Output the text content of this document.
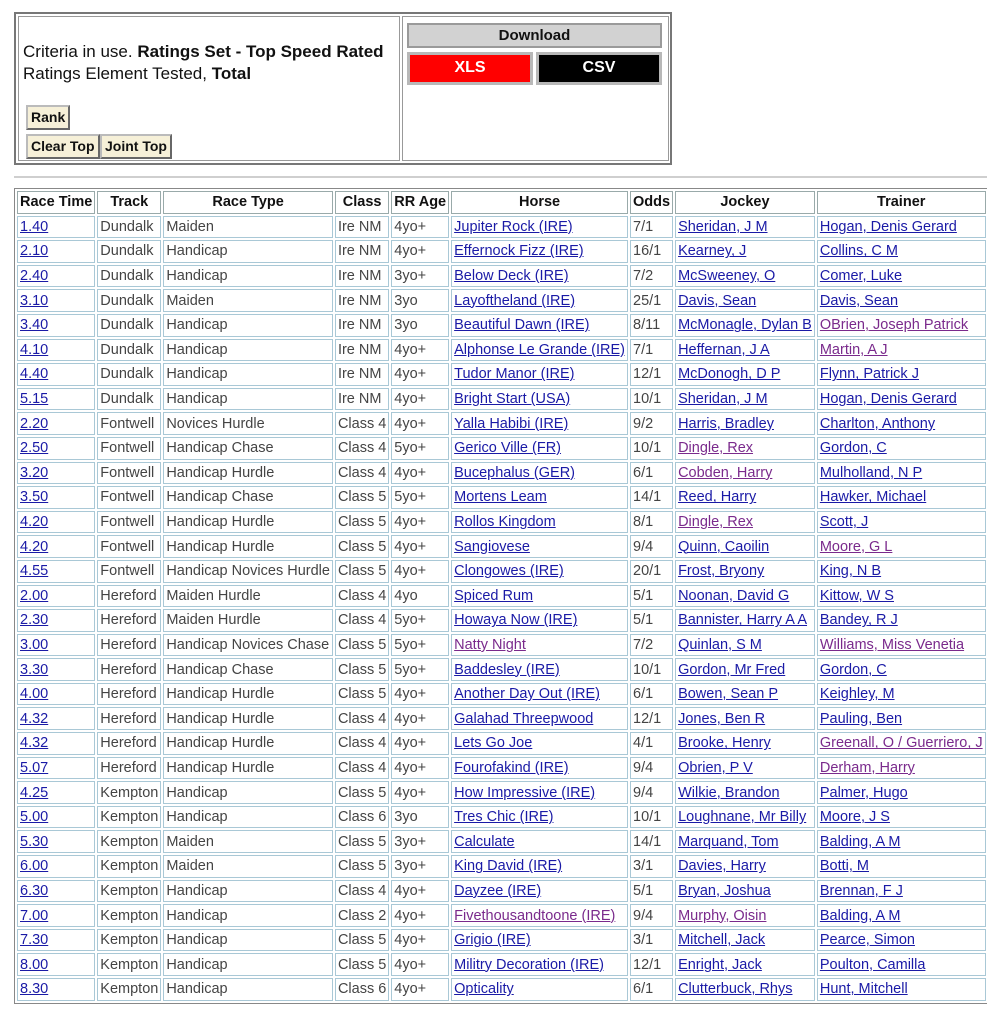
Criteria in use. Ratings Set - Top Speed Rated
Ratings Element Tested, Total
Rank
Clear Top Joint Top
Download
XLS	CSV
Race Time	Track	Race Type	Class	RR Age	Horse	Odds	Jockey	Trainer
1.40	Dundalk	Maiden	Ire NM	4yo+	Jupiter Rock (IRE)	7/1	Sheridan, J M	Hogan, Denis Gerard
2.10	Dundalk	Handicap	Ire NM	4yo+	Effernock Fizz (IRE)	16/1	Kearney, J	Collins, C M
2.40	Dundalk	Handicap	Ire NM	3yo+	Below Deck (IRE)	7/2	McSweeney, O	Comer, Luke
3.10	Dundalk	Maiden	Ire NM	3yo	Layoftheland (IRE)	25/1	Davis, Sean	Davis, Sean
3.40	Dundalk	Handicap	Ire NM	3yo	Beautiful Dawn (IRE)	8/11	McMonagle, Dylan B	OBrien, Joseph Patrick
4.10	Dundalk	Handicap	Ire NM	4yo+	Alphonse Le Grande (IRE)	7/1	Heffernan, J A	Martin, A J
4.40	Dundalk	Handicap	Ire NM	4yo+	Tudor Manor (IRE)	12/1	McDonogh, D P	Flynn, Patrick J
5.15	Dundalk	Handicap	Ire NM	4yo+	Bright Start (USA)	10/1	Sheridan, J M	Hogan, Denis Gerard
2.20	Fontwell	Novices Hurdle	Class 4	4yo+	Yalla Habibi (IRE)	9/2	Harris, Bradley	Charlton, Anthony
2.50	Fontwell	Handicap Chase	Class 4	5yo+	Gerico Ville (FR)	10/1	Dingle, Rex	Gordon, C
3.20	Fontwell	Handicap Hurdle	Class 4	4yo+	Bucephalus (GER)	6/1	Cobden, Harry	Mulholland, N P
3.50	Fontwell	Handicap Chase	Class 5	5yo+	Mortens Leam	14/1	Reed, Harry	Hawker, Michael
4.20	Fontwell	Handicap Hurdle	Class 5	4yo+	Rollos Kingdom	8/1	Dingle, Rex	Scott, J
4.20	Fontwell	Handicap Hurdle	Class 5	4yo+	Sangiovese	9/4	Quinn, Caoilin	Moore, G L
4.55	Fontwell	Handicap Novices Hurdle	Class 5	4yo+	Clongowes (IRE)	20/1	Frost, Bryony	King, N B
2.00	Hereford	Maiden Hurdle	Class 4	4yo	Spiced Rum	5/1	Noonan, David G	Kittow, W S
2.30	Hereford	Maiden Hurdle	Class 4	5yo+	Howaya Now (IRE)	5/1	Bannister, Harry A A	Bandey, R J
3.00	Hereford	Handicap Novices Chase	Class 5	5yo+	Natty Night	7/2	Quinlan, S M	Williams, Miss Venetia
3.30	Hereford	Handicap Chase	Class 5	5yo+	Baddesley (IRE)	10/1	Gordon, Mr Fred	Gordon, C
4.00	Hereford	Handicap Hurdle	Class 5	4yo+	Another Day Out (IRE)	6/1	Bowen, Sean P	Keighley, M
4.32	Hereford	Handicap Hurdle	Class 4	4yo+	Galahad Threepwood	12/1	Jones, Ben R	Pauling, Ben
4.32	Hereford	Handicap Hurdle	Class 4	4yo+	Lets Go Joe	4/1	Brooke, Henry	Greenall, O / Guerriero, J
5.07	Hereford	Handicap Hurdle	Class 4	4yo+	Fourofakind (IRE)	9/4	Obrien, P V	Derham, Harry
4.25	Kempton	Handicap	Class 5	4yo+	How Impressive (IRE)	9/4	Wilkie, Brandon	Palmer, Hugo
5.00	Kempton	Handicap	Class 6	3yo	Tres Chic (IRE)	10/1	Loughnane, Mr Billy	Moore, J S
5.30	Kempton	Maiden	Class 5	3yo+	Calculate	14/1	Marquand, Tom	Balding, A M
6.00	Kempton	Maiden	Class 5	3yo+	King David (IRE)	3/1	Davies, Harry	Botti, M
6.30	Kempton	Handicap	Class 4	4yo+	Dayzee (IRE)	5/1	Bryan, Joshua	Brennan, F J
7.00	Kempton	Handicap	Class 2	4yo+	Fivethousandtoone (IRE)	9/4	Murphy, Oisin	Balding, A M
7.30	Kempton	Handicap	Class 5	4yo+	Grigio (IRE)	3/1	Mitchell, Jack	Pearce, Simon
8.00	Kempton	Handicap	Class 5	4yo+	Militry Decoration (IRE)	12/1	Enright, Jack	Poulton, Camilla
8.30	Kempton	Handicap	Class 6	4yo+	Opticality	6/1	Clutterbuck, Rhys	Hunt, Mitchell
